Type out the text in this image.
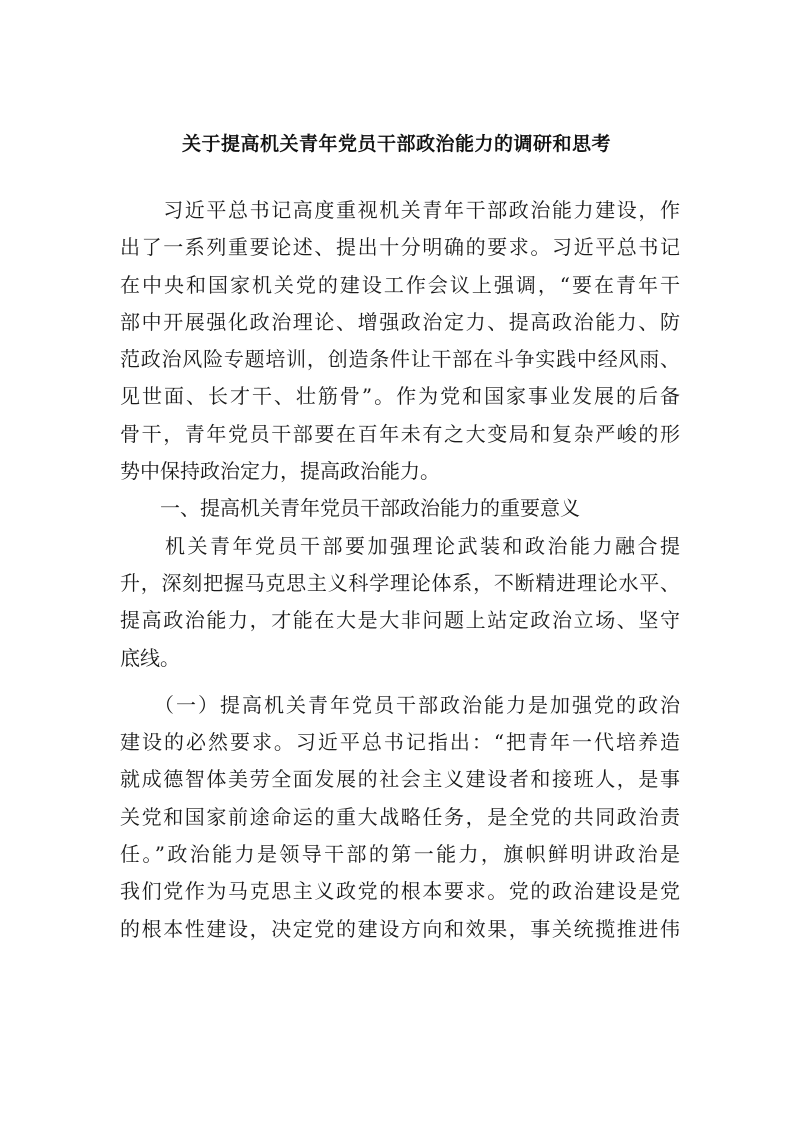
关于提高机关青年党员干部政治能力的调研和思考
　　习近平总书记高度重视机关青年干部政治能力建设，作
出了一系列重要论述、提出十分明确的要求。习近平总书记
在中央和国家机关党的建设工作会议上强调，“要在青年干
部中开展强化政治理论、增强政治定力、提高政治能力、防
范政治风险专题培训，创造条件让干部在斗争实践中经风雨、
见世面、长才干、壮筋骨”。作为党和国家事业发展的后备
骨干，青年党员干部要在百年未有之大变局和复杂严峻的形
势中保持政治定力，提高政治能力。
　　一、提高机关青年党员干部政治能力的重要意义
　　机关青年党员干部要加强理论武装和政治能力融合提
升，深刻把握马克思主义科学理论体系，不断精进理论水平、
提高政治能力，才能在大是大非问题上站定政治立场、坚守
底线。
　　（一）提高机关青年党员干部政治能力是加强党的政治
建设的必然要求。习近平总书记指出：“把青年一代培养造
就成德智体美劳全面发展的社会主义建设者和接班人，是事
关党和国家前途命运的重大战略任务，是全党的共同政治责
任。”政治能力是领导干部的第一能力，旗帜鲜明讲政治是
我们党作为马克思主义政党的根本要求。党的政治建设是党
的根本性建设，决定党的建设方向和效果，事关统揽推进伟
